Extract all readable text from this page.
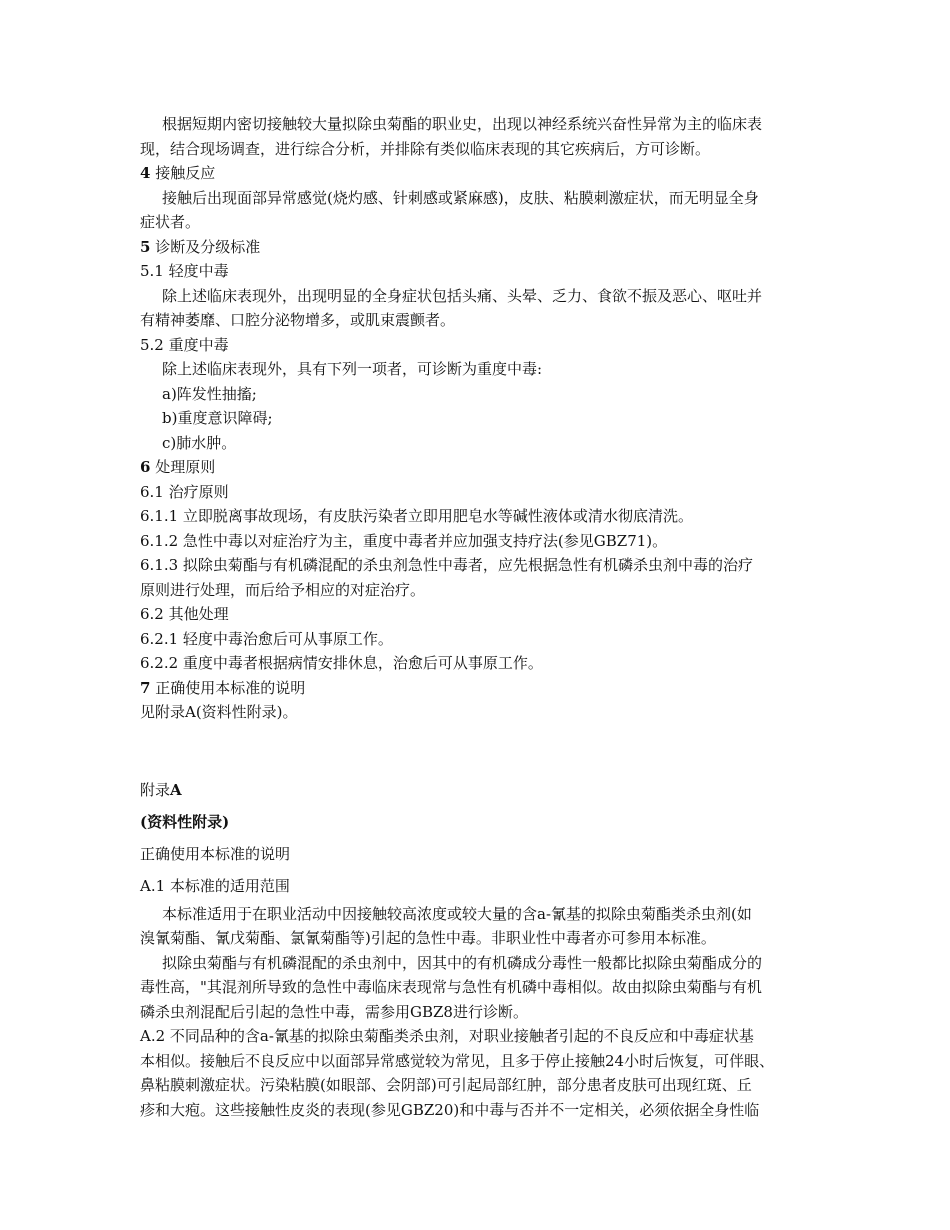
根据短期内密切接触较大量拟除虫菊酯的职业史，出现以神经系统兴奋性异常为主的临床表
现，结合现场调查，进行综合分析，并排除有类似临床表现的其它疾病后，方可诊断。
4 接触反应
接触后出现面部异常感觉(烧灼感、针刺感或紧麻感)，皮肤、粘膜刺激症状，而无明显全身
症状者。
5 诊断及分级标准
5.1 轻度中毒
除上述临床表现外，出现明显的全身症状包括头痛、头晕、乏力、食欲不振及恶心、呕吐并
有精神萎靡、口腔分泌物增多，或肌束震颤者。
5.2 重度中毒
除上述临床表现外，具有下列一项者，可诊断为重度中毒:
a)阵发性抽搐;
b)重度意识障碍;
c)肺水肿。
6 处理原则
6.1 治疗原则
6.1.1 立即脱离事故现场，有皮肤污染者立即用肥皂水等碱性液体或清水彻底清洗。
6.1.2 急性中毒以对症治疗为主，重度中毒者并应加强支持疗法(参见GBZ71)。
6.1.3 拟除虫菊酯与有机磷混配的杀虫剂急性中毒者，应先根据急性有机磷杀虫剂中毒的治疗
原则进行处理，而后给予相应的对症治疗。
6.2 其他处理
6.2.1 轻度中毒治愈后可从事原工作。
6.2.2 重度中毒者根据病情安排休息，治愈后可从事原工作。
7 正确使用本标准的说明
见附录A(资料性附录)。
附录A
(资料性附录)
正确使用本标准的说明
A.1 本标准的适用范围
本标准适用于在职业活动中因接触较高浓度或较大量的含a-氰基的拟除虫菊酯类杀虫剂(如
溴氰菊酯、氰戊菊酯、氯氰菊酯等)引起的急性中毒。非职业性中毒者亦可参用本标准。
拟除虫菊酯与有机磷混配的杀虫剂中，因其中的有机磷成分毒性一般都比拟除虫菊酯成分的
毒性高，"其混剂所导致的急性中毒临床表现常与急性有机磷中毒相似。故由拟除虫菊酯与有机
磷杀虫剂混配后引起的急性中毒，需参用GBZ8进行诊断。
A.2 不同品种的含a-氰基的拟除虫菊酯类杀虫剂，对职业接触者引起的不良反应和中毒症状基
本相似。接触后不良反应中以面部异常感觉较为常见，且多于停止接触24小时后恢复，可伴眼、
鼻粘膜刺激症状。污染粘膜(如眼部、会阴部)可引起局部红肿，部分患者皮肤可出现红斑、丘
疹和大疱。这些接触性皮炎的表现(参见GBZ20)和中毒与否并不一定相关，必须依据全身性临
